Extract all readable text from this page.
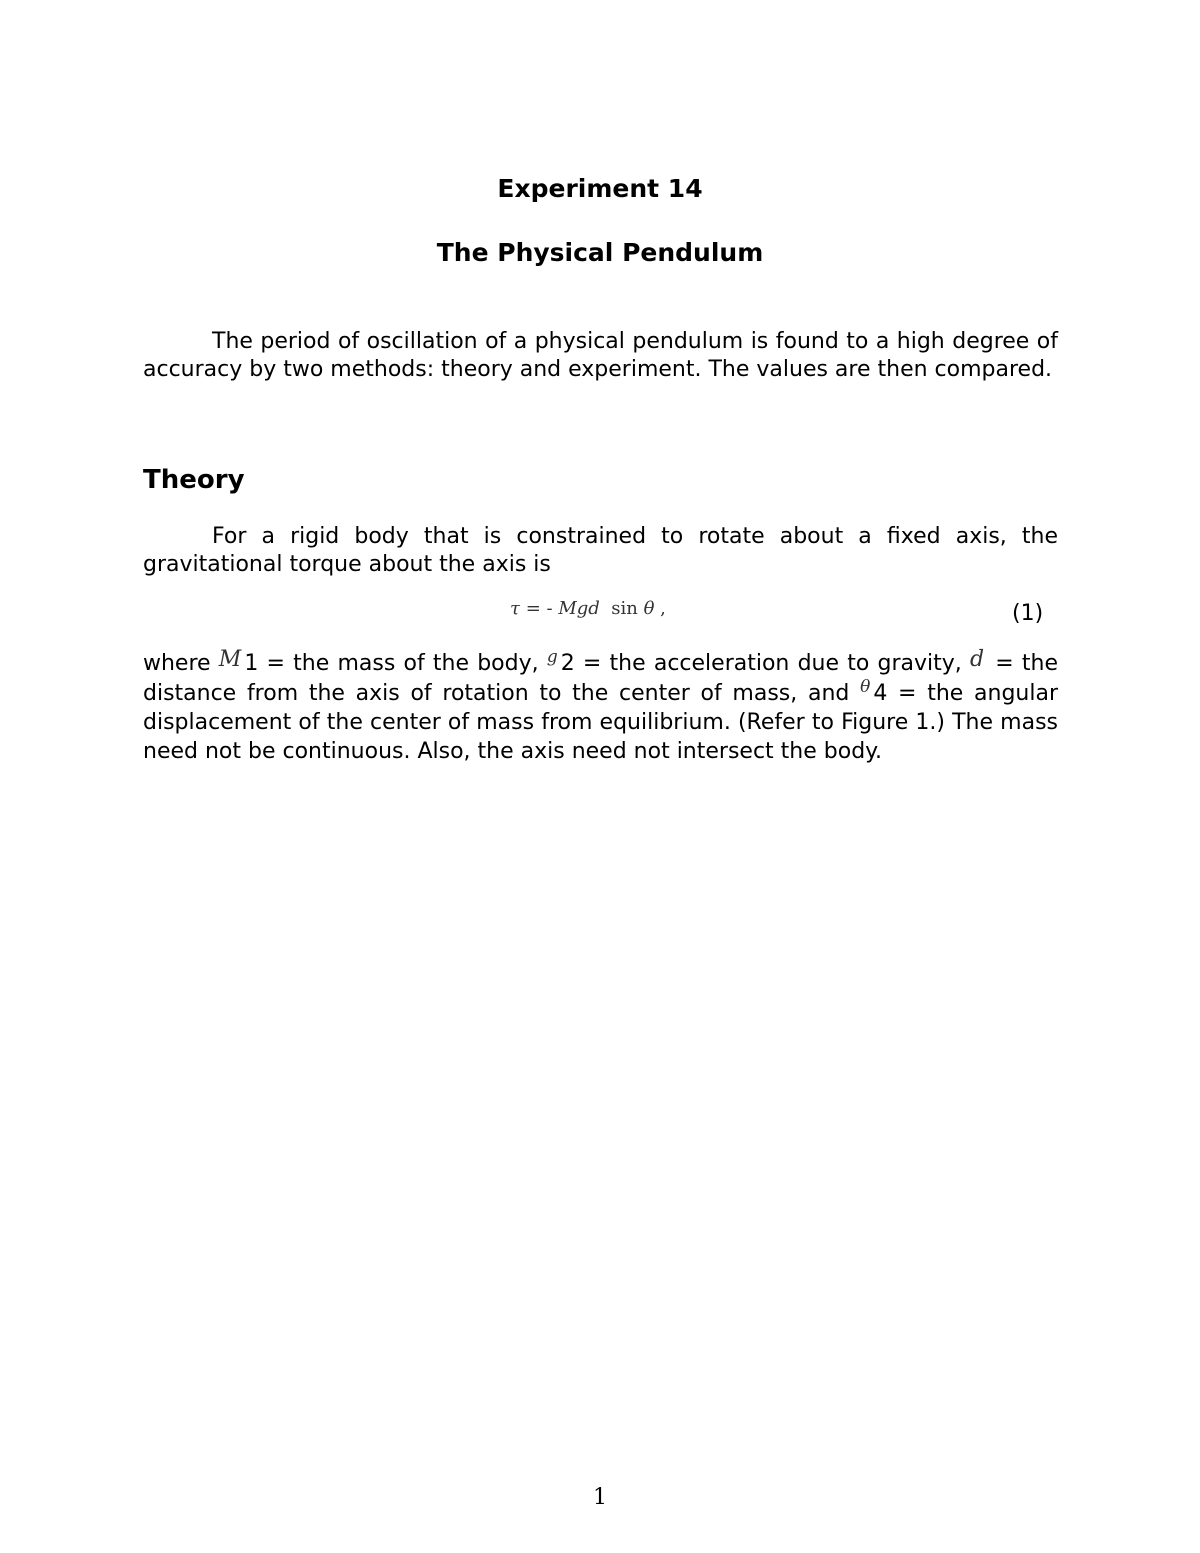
Experiment 14
The Physical Pendulum
The period of oscillation of a physical pendulum is found to a high degree of accuracy by two methods: theory and experiment. The values are then compared.
Theory
For a rigid body that is constrained to rotate about a fixed axis, the gravitational torque about the axis is
τ = - Mgd  sin θ ,	(1)
where M 1 = the mass of the body, $^g$ 2 = the acceleration due to gravity, d = the distance from the axis of rotation to the center of mass, and $^\theta$ 4 = the angular displacement of the center of mass from equilibrium. (Refer to Figure 1.) The mass need not be continuous. Also, the axis need not intersect the body.
1
